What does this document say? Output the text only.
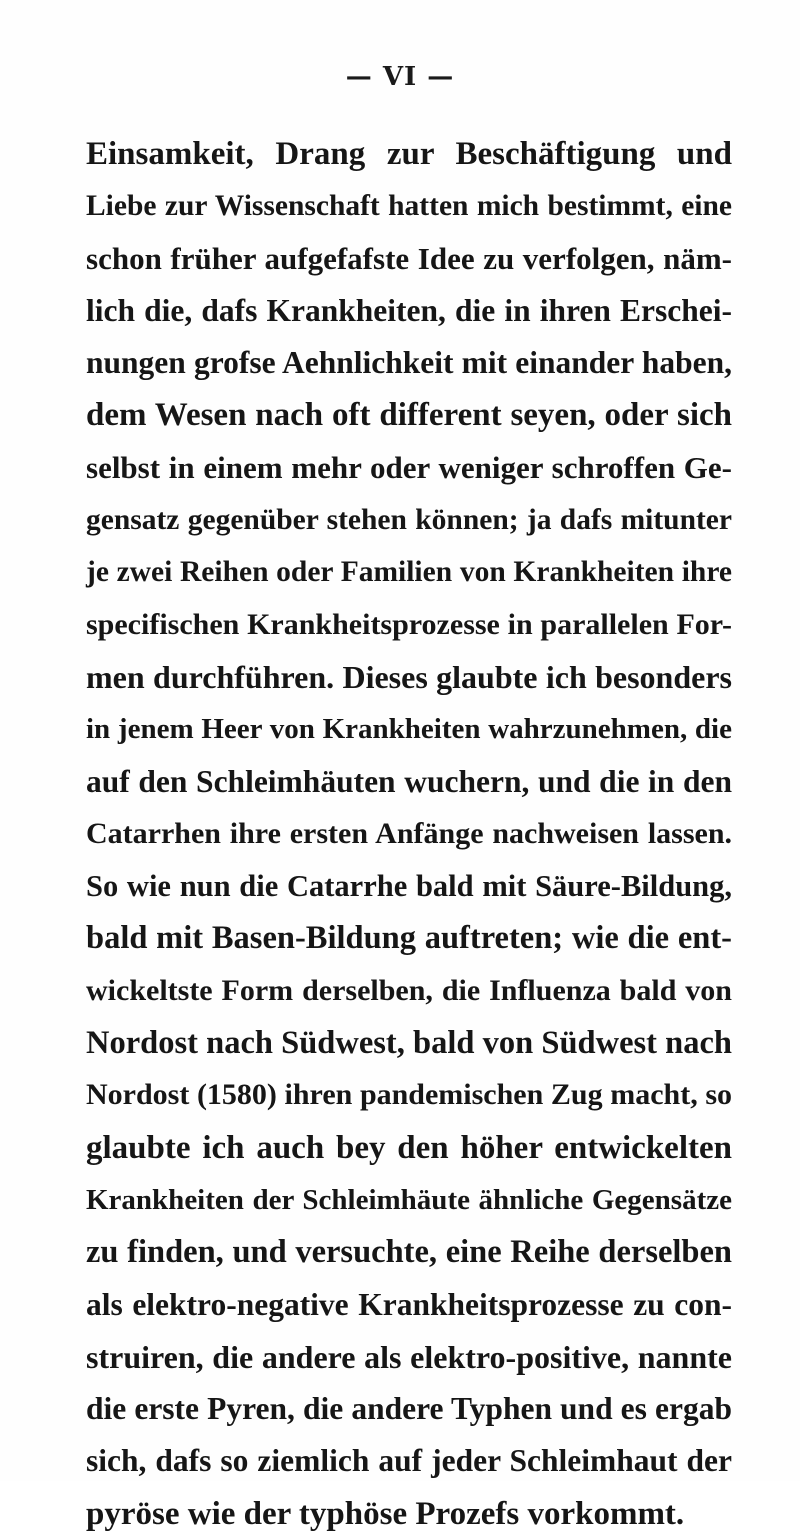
— VI —
Einsamkeit, Drang zur Beschäftigung und
Liebe zur Wissenschaft hatten mich bestimmt, eine
schon früher aufgefafste Idee zu verfolgen, näm-
lich die, dafs Krankheiten, die in ihren Erschei-
nungen grofse Aehnlichkeit mit einander haben,
dem Wesen nach oft different seyen, oder sich
selbst in einem mehr oder weniger schroffen Ge-
gensatz gegenüber stehen können; ja dafs mitunter
je zwei Reihen oder Familien von Krankheiten ihre
specifischen Krankheitsprozesse in parallelen For-
men durchführen. Dieses glaubte ich besonders
in jenem Heer von Krankheiten wahrzunehmen, die
auf den Schleimhäuten wuchern, und die in den
Catarrhen ihre ersten Anfänge nachweisen lassen.
So wie nun die Catarrhe bald mit Säure-Bildung,
bald mit Basen-Bildung auftreten; wie die ent-
wickeltste Form derselben, die Influenza bald von
Nordost nach Südwest, bald von Südwest nach
Nordost (1580) ihren pandemischen Zug macht, so
glaubte ich auch bey den höher entwickelten
Krankheiten der Schleimhäute ähnliche Gegensätze
zu finden, und versuchte, eine Reihe derselben
als elektro-negative Krankheitsprozesse zu con-
struiren, die andere als elektro-positive, nannte
die erste Pyren, die andere Typhen und es ergab
sich, dafs so ziemlich auf jeder Schleimhaut der
pyröse wie der typhöse Prozefs vorkommt.
